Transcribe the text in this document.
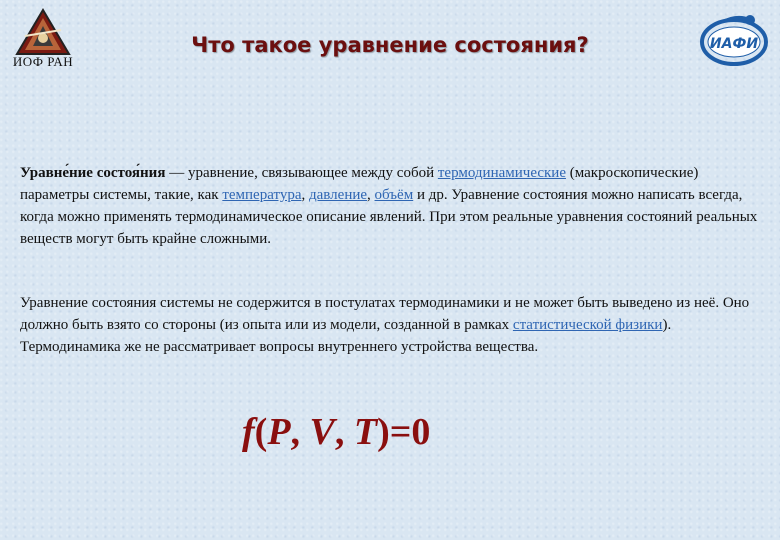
ИОФ РАН
Что такое уравнение состояния?	ИАФИ
Уравне́ние состоя́ния — уравнение, связывающее между собой термодинамические (макроскопические) параметры системы, такие, как температура, давление, объём и др. Уравнение состояния можно написать всегда, когда можно применять термодинамическое описание явлений. При этом реальные уравнения состояний реальных веществ могут быть крайне сложными.
Уравнение состояния системы не содержится в постулатах термодинамики и не может быть выведено из неё. Оно должно быть взято со стороны (из опыта или из модели, созданной в рамках статистической физики). Термодинамика же не рассматривает вопросы внутреннего устройства вещества.
f(P, V, T)=0
